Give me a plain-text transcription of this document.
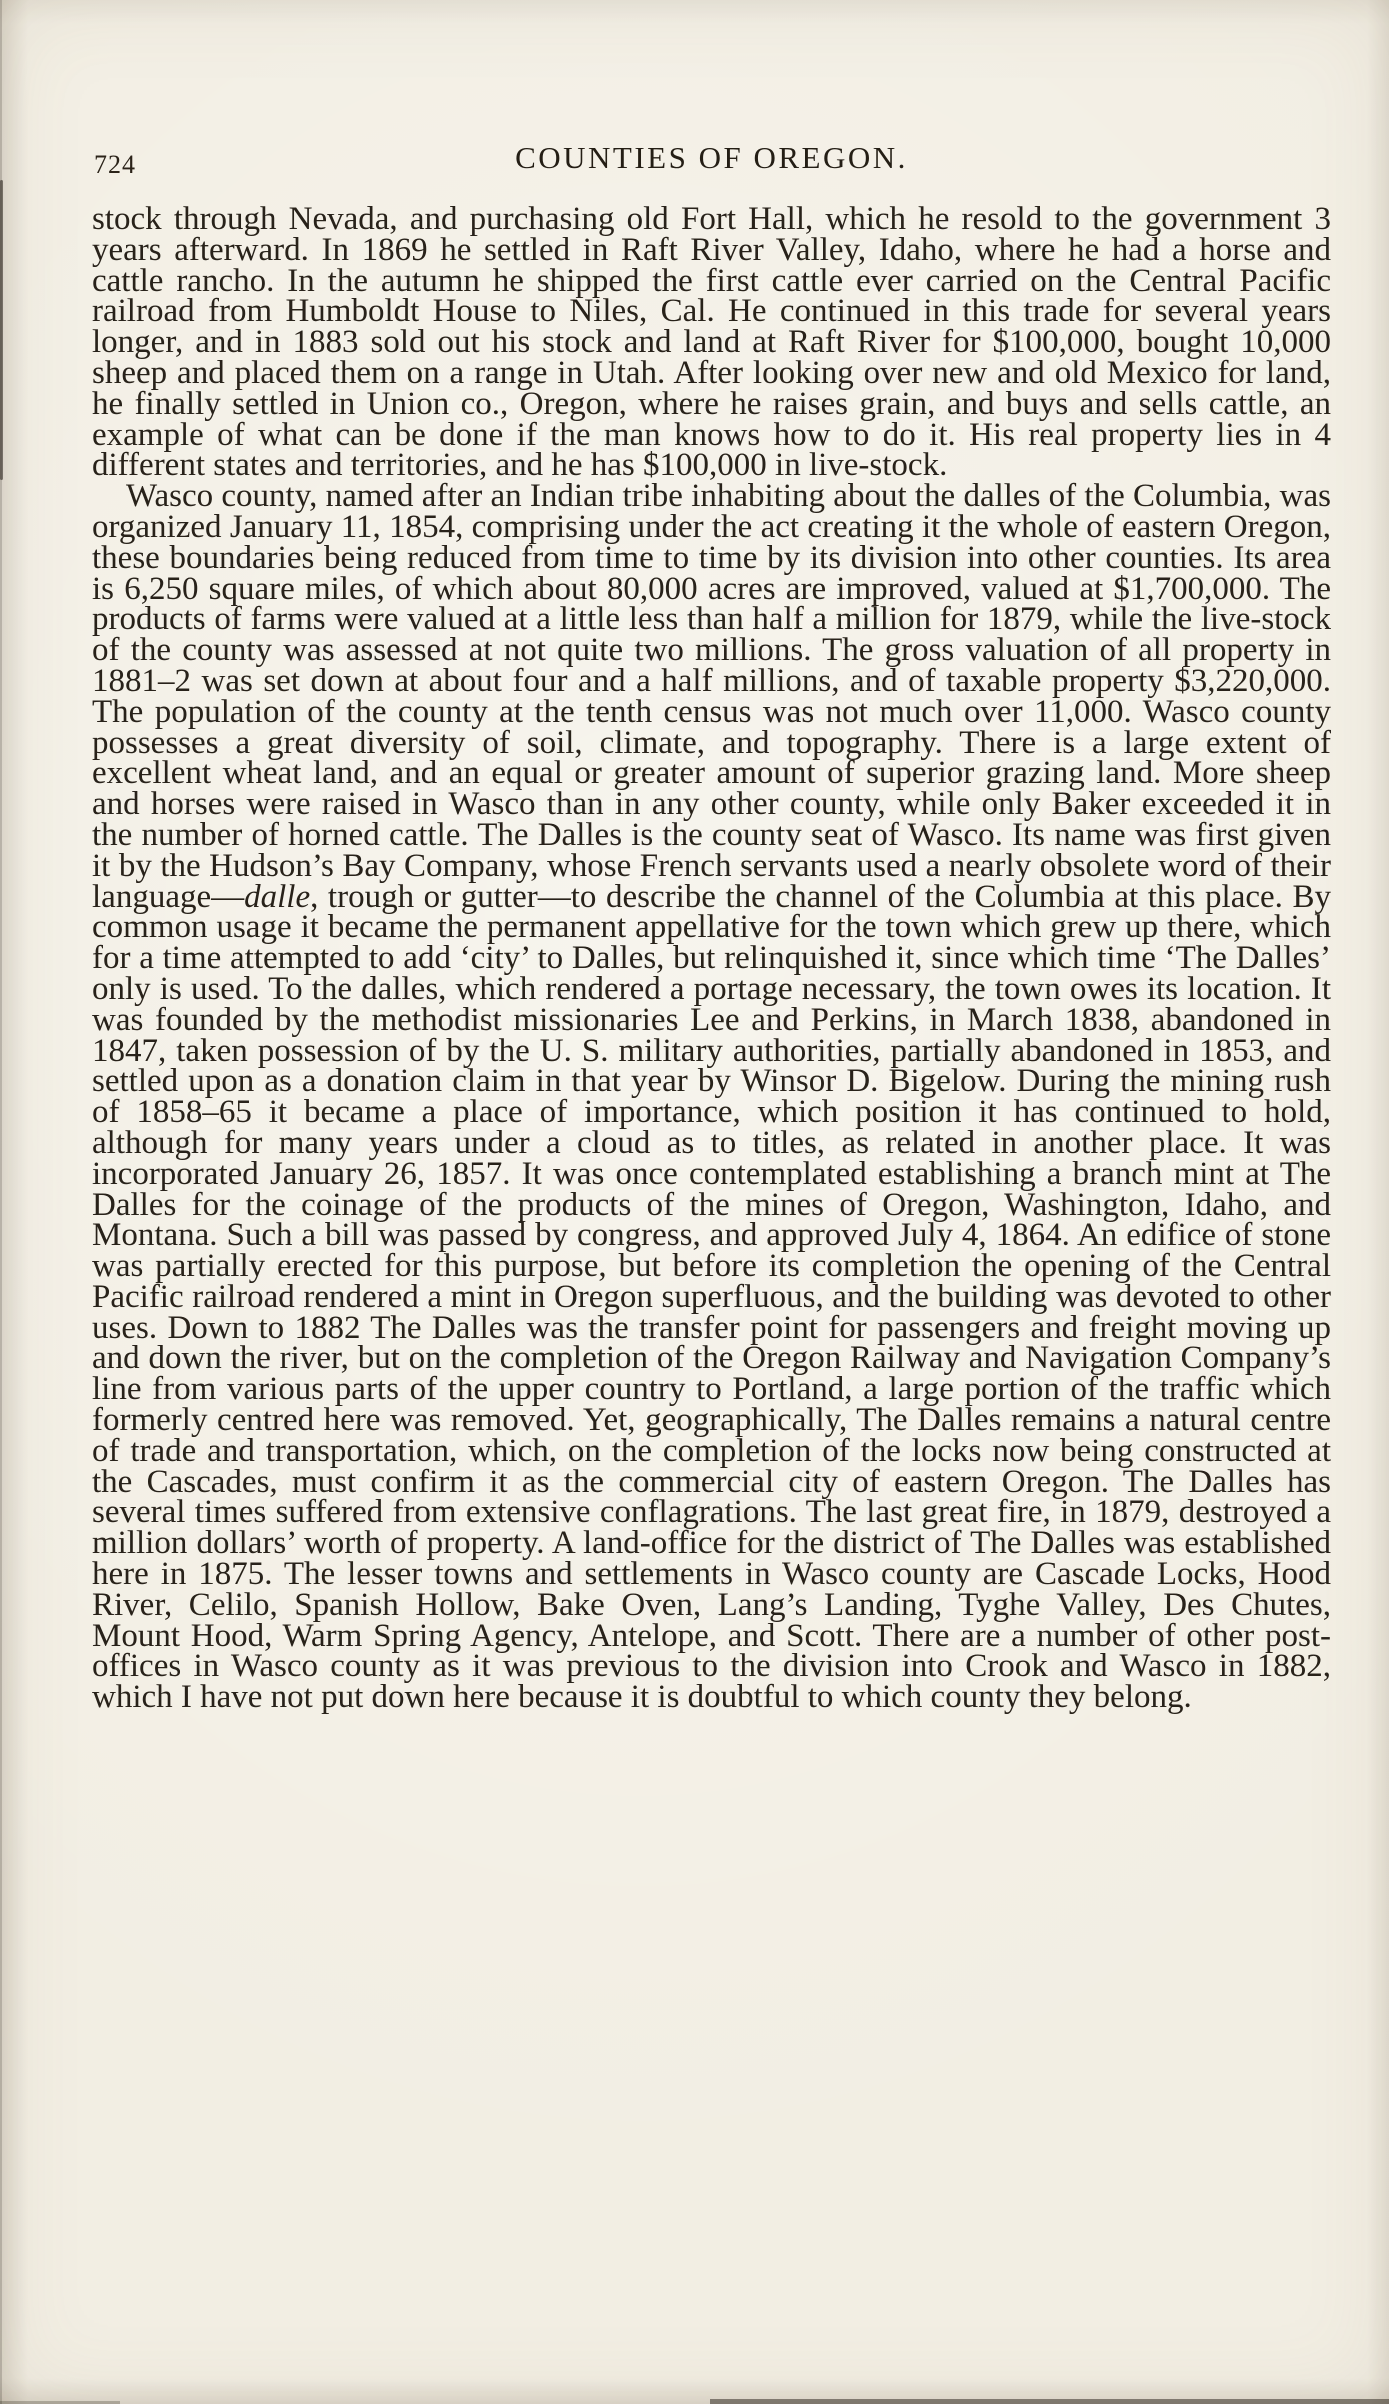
724	COUNTIES OF OREGON.

stock through Nevada, and purchasing old Fort Hall, which he resold to the government 3 years afterward. In 1869 he settled in Raft River Valley, Idaho, where he had a horse and cattle rancho. In the autumn he shipped the first cattle ever carried on the Central Pacific railroad from Humboldt House to Niles, Cal. He continued in this trade for several years longer, and in 1883 sold out his stock and land at Raft River for $100,000, bought 10,000 sheep and placed them on a range in Utah. After looking over new and old Mexico for land, he finally settled in Union co., Oregon, where he raises grain, and buys and sells cattle, an example of what can be done if the man knows how to do it. His real property lies in 4 different states and territories, and he has $100,000 in live-stock.

Wasco county, named after an Indian tribe inhabiting about the dalles of the Columbia, was organized January 11, 1854, comprising under the act creating it the whole of eastern Oregon, these boundaries being reduced from time to time by its division into other counties. Its area is 6,250 square miles, of which about 80,000 acres are improved, valued at $1,700,000. The products of farms were valued at a little less than half a million for 1879, while the live-stock of the county was assessed at not quite two millions. The gross valuation of all property in 1881–2 was set down at about four and a half millions, and of taxable property $3,220,000. The population of the county at the tenth census was not much over 11,000. Wasco county possesses a great diversity of soil, climate, and topography. There is a large extent of excellent wheat land, and an equal or greater amount of superior grazing land. More sheep and horses were raised in Wasco than in any other county, while only Baker exceeded it in the number of horned cattle. The Dalles is the county seat of Wasco. Its name was first given it by the Hudson’s Bay Company, whose French servants used a nearly obsolete word of their language—dalle, trough or gutter—to describe the channel of the Columbia at this place. By common usage it became the permanent appellative for the town which grew up there, which for a time attempted to add ‘city’ to Dalles, but relinquished it, since which time ‘The Dalles’ only is used. To the dalles, which rendered a portage necessary, the town owes its location. It was founded by the methodist missionaries Lee and Perkins, in March 1838, abandoned in 1847, taken possession of by the U. S. military authorities, partially abandoned in 1853, and settled upon as a donation claim in that year by Winsor D. Bigelow. During the mining rush of 1858–65 it became a place of importance, which position it has continued to hold, although for many years under a cloud as to titles, as related in another place. It was incorporated January 26, 1857. It was once contemplated establishing a branch mint at The Dalles for the coinage of the products of the mines of Oregon, Washington, Idaho, and Montana. Such a bill was passed by congress, and approved July 4, 1864. An edifice of stone was partially erected for this purpose, but before its completion the opening of the Central Pacific railroad rendered a mint in Oregon superfluous, and the building was devoted to other uses. Down to 1882 The Dalles was the transfer point for passengers and freight moving up and down the river, but on the completion of the Oregon Railway and Navigation Company’s line from various parts of the upper country to Portland, a large portion of the traffic which formerly centred here was removed. Yet, geographically, The Dalles remains a natural centre of trade and transportation, which, on the completion of the locks now being constructed at the Cascades, must confirm it as the commercial city of eastern Oregon. The Dalles has several times suffered from extensive conflagrations. The last great fire, in 1879, destroyed a million dollars’ worth of property. A land-office for the district of The Dalles was established here in 1875. The lesser towns and settlements in Wasco county are Cascade Locks, Hood River, Celilo, Spanish Hollow, Bake Oven, Lang’s Landing, Tyghe Valley, Des Chutes, Mount Hood, Warm Spring Agency, Antelope, and Scott. There are a number of other post-offices in Wasco county as it was previous to the division into Crook and Wasco in 1882, which I have not put down here because it is doubtful to which county they belong.
